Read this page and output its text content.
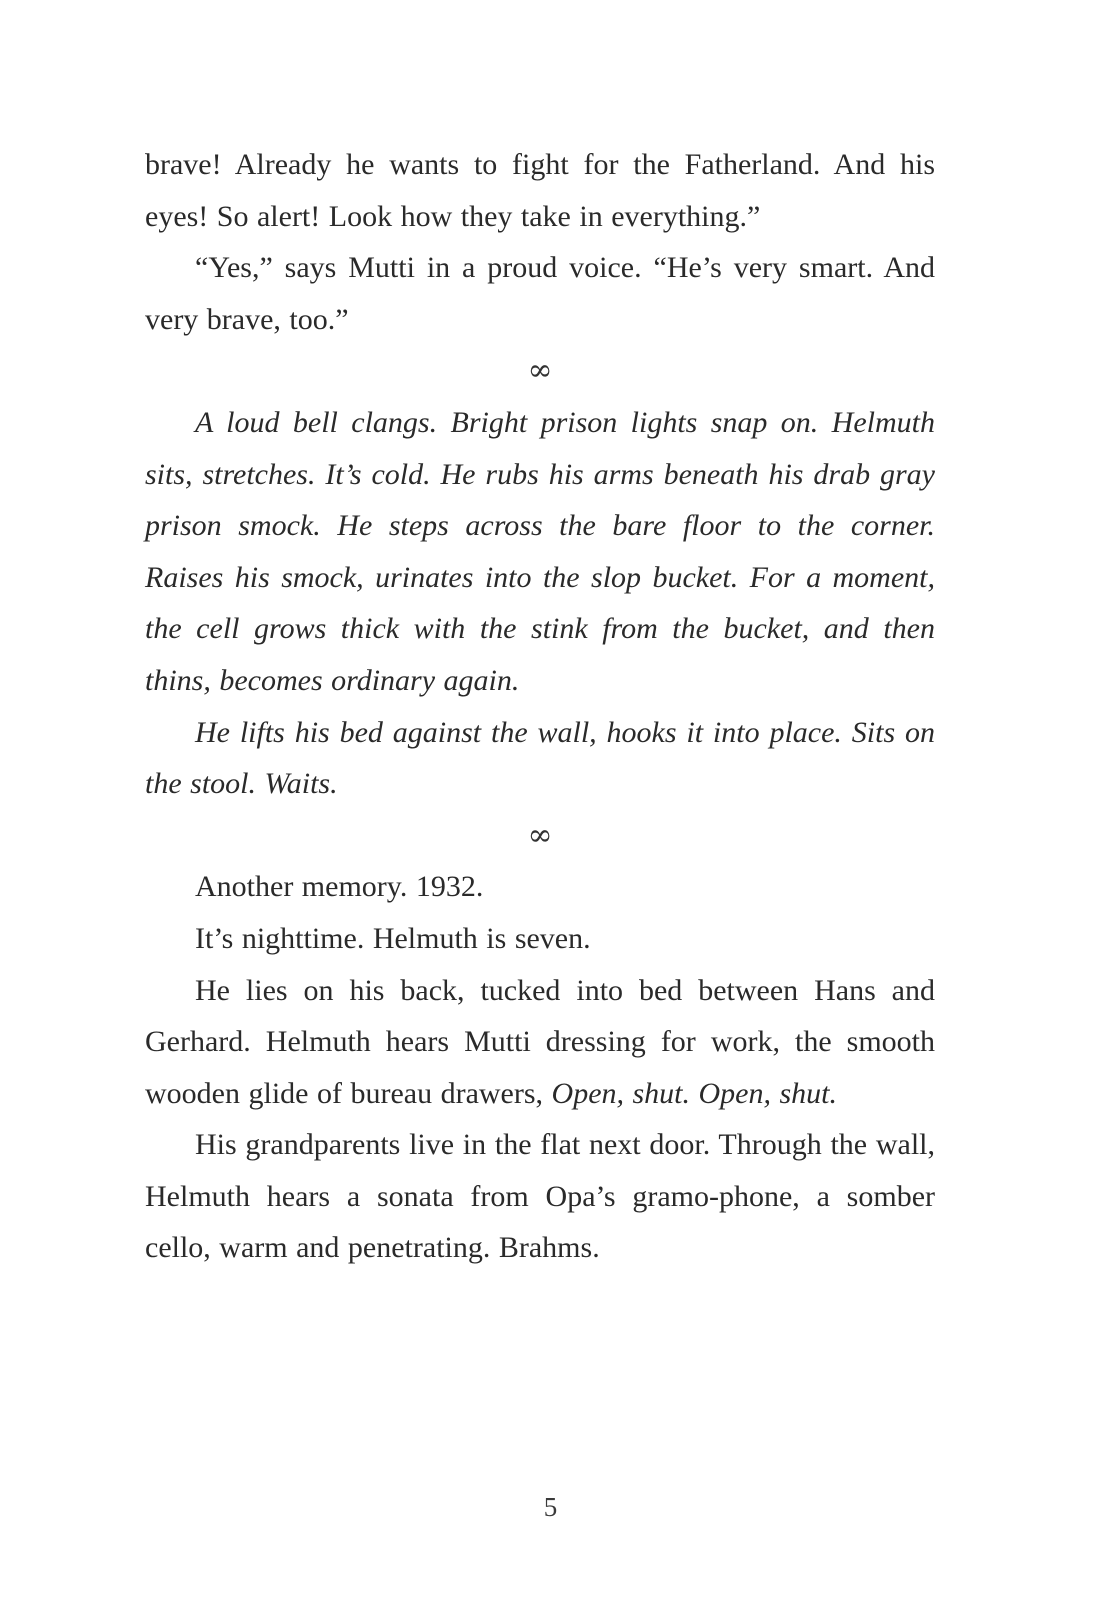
brave! Already he wants to fight for the Fatherland. And his eyes! So alert! Look how they take in everything.”

“Yes,” says Mutti in a proud voice. “He’s very smart. And very brave, too.”

∞

A loud bell clangs. Bright prison lights snap on. Helmuth sits, stretches. It’s cold. He rubs his arms beneath his drab gray prison smock. He steps across the bare floor to the corner. Raises his smock, urinates into the slop bucket. For a moment, the cell grows thick with the stink from the bucket, and then thins, becomes ordinary again.

He lifts his bed against the wall, hooks it into place. Sits on the stool. Waits.

∞

Another memory. 1932.

It’s nighttime. Helmuth is seven.

He lies on his back, tucked into bed between Hans and Gerhard. Helmuth hears Mutti dressing for work, the smooth wooden glide of bureau drawers, Open, shut. Open, shut.

His grandparents live in the flat next door. Through the wall, Helmuth hears a sonata from Opa’s gramo-phone, a somber cello, warm and penetrating. Brahms.

5
